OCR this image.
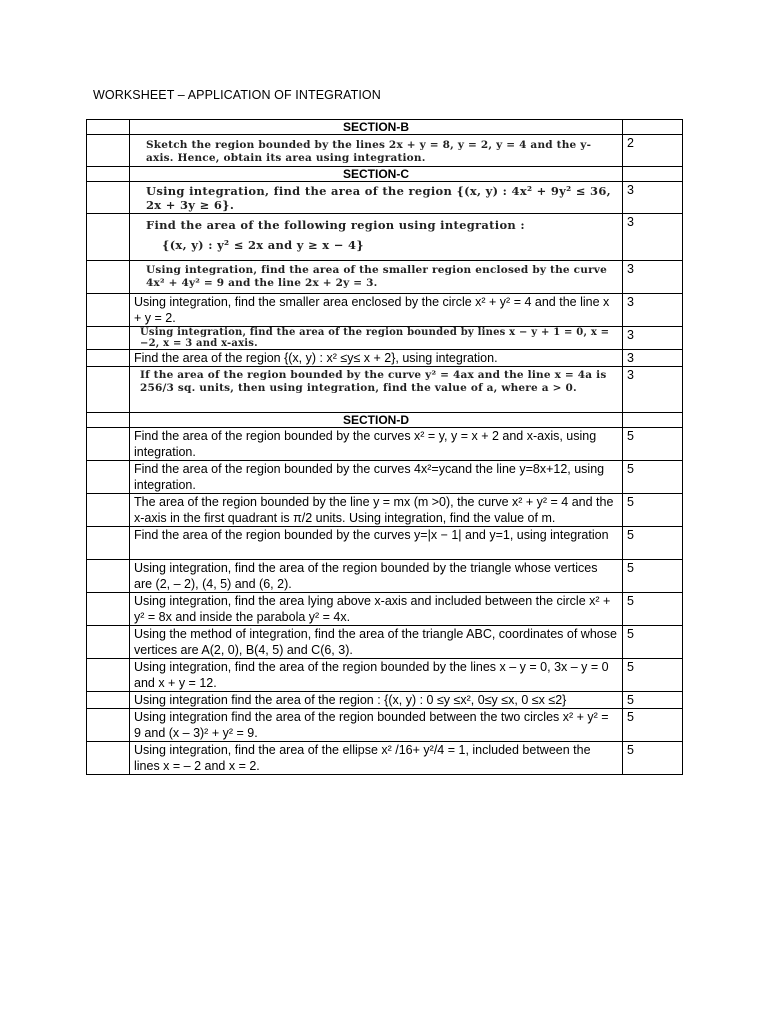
WORKSHEET – APPLICATION OF INTEGRATION
	SECTION-B	

	Sketch the region bounded by the lines 2x + y = 8, y = 2, y = 4 and the y-axis. Hence, obtain its area using integration.	2
	SECTION-C	

	Using integration, find the area of the region {(x, y) : 4x² + 9y² ≤ 36, 2x + 3y ≥ 6}.	3

	Find the area of the following region using integration :
{(x, y) : y² ≤ 2x and y ≥ x − 4}	3

	Using integration, find the area of the smaller region enclosed by the curve 4x² + 4y² = 9 and the line 2x + 2y = 3.	3
	Using integration, find the smaller area enclosed by the circle x² + y² = 4 and the line x + y = 2.	3

	Using integration, find the area of the region bounded by lines x − y + 1 = 0, x = −2, x = 3 and x-axis.	3
	Find the area of the region {(x, y) : x² ≤y≤ x + 2}, using integration.	3

	If the area of the region bounded by the curve y² = 4ax and the line x = 4a is 256/3 sq. units, then using integration, find the value of a, where a > 0.	3
	SECTION-D	
	Find the area of the region bounded by the curves x² = y, y = x + 2 and x-axis, using integration.	5
	Find the area of the region bounded by the curves 4x²=ycand the line y=8x+12, using integration.	5
	The area of the region bounded by the line y = mx (m >0), the curve x² + y² = 4 and the x-axis in the first quadrant is π/2 units. Using integration, find the value of m.	5
	Find the area of the region bounded by the curves y=|x − 1| and y=1, using integration	5
	Using integration, find the area of the region bounded by the triangle whose vertices are (2, – 2), (4, 5) and (6, 2).	5
	Using integration, find the area lying above x-axis and included between the circle x² + y² = 8x and inside the parabola y² = 4x.	5
	Using the method of integration, find the area of the triangle ABC, coordinates of whose vertices are A(2, 0), B(4, 5) and C(6, 3).	5
	Using integration, find the area of the region bounded by the lines x – y = 0, 3x – y = 0 and x + y = 12.	5
	Using integration find the area of the region : {(x, y) : 0 ≤y ≤x², 0≤y ≤x, 0 ≤x ≤2}	5
	Using integration find the area of the region bounded between the two circles x² + y² = 9 and (x – 3)² + y² = 9.	5
	Using integration, find the area of the ellipse x² /16+ y²/4 = 1, included between the lines x = – 2 and x = 2.	5
